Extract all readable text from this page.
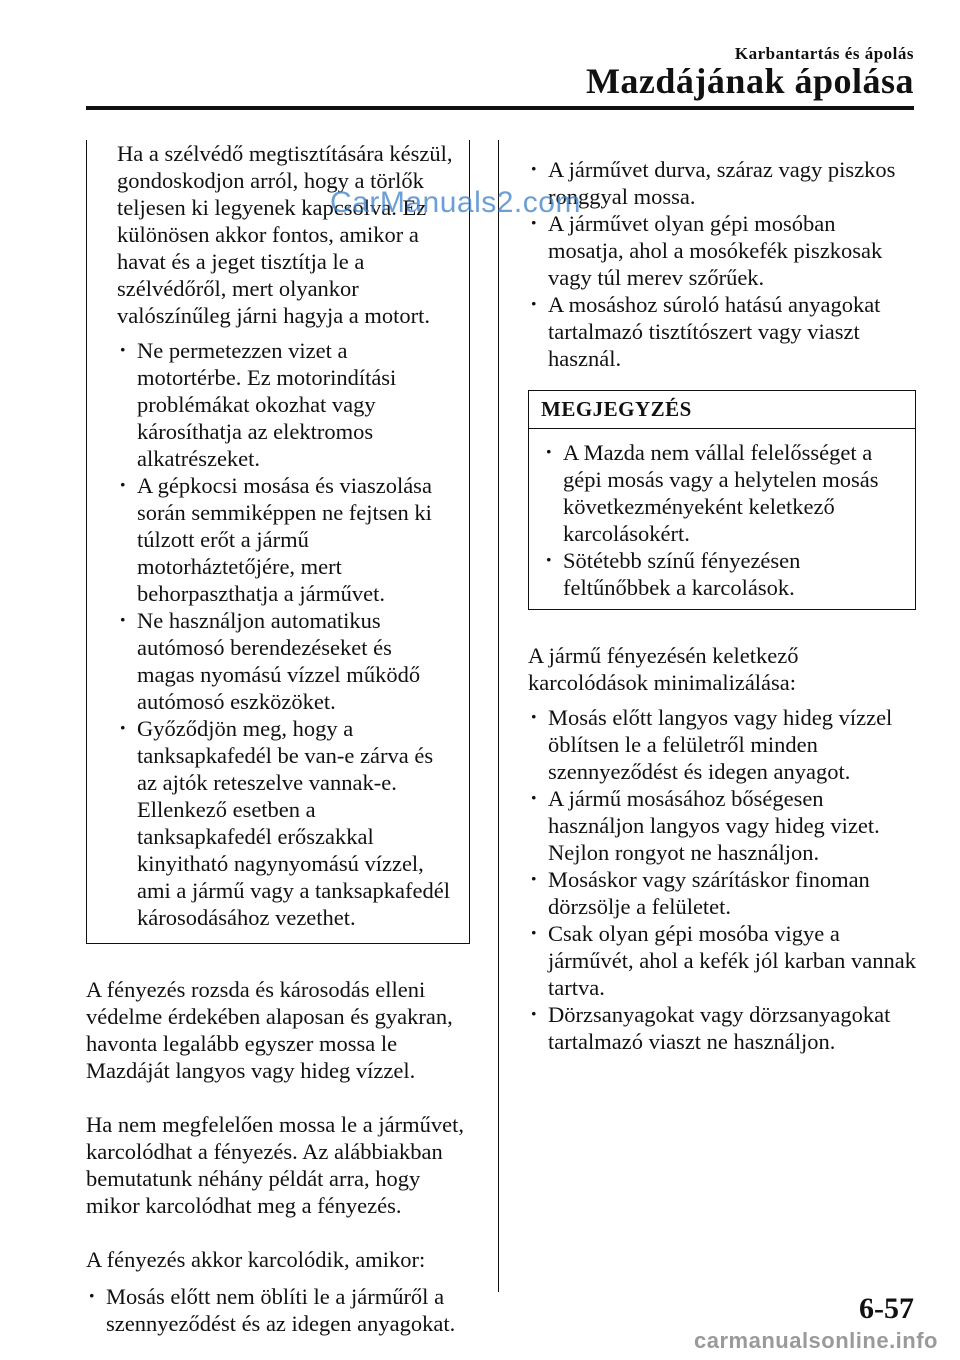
Karbantartás és ápolás
Mazdájának ápolása

Ha a szélvédő megtisztítására készül, gondoskodjon arról, hogy a törlők teljesen ki legyenek kapcsolva. Ez különösen akkor fontos, amikor a havat és a jeget tisztítja le a szélvédőről, mert olyankor valószínűleg járni hagyja a motort.

· Ne permetezzen vizet a motortérbe. Ez motorindítási problémákat okozhat vagy károsíthatja az elektromos alkatrészeket.
· A gépkocsi mosása és viaszolása során semmiképpen ne fejtsen ki túlzott erőt a jármű motorháztetőjére, mert behorpaszthatja a járművet.
· Ne használjon automatikus autómosó berendezéseket és magas nyomású vízzel működő autómosó eszközöket.
· Győződjön meg, hogy a tanksapkafedél be van-e zárva és az ajtók reteszelve vannak-e. Ellenkező esetben a tanksapkafedél erőszakkal kinyitható nagynyomású vízzel, ami a jármű vagy a tanksapkafedél károsodásához vezethet.

A fényezés rozsda és károsodás elleni védelme érdekében alaposan és gyakran, havonta legalább egyszer mossa le Mazdáját langyos vagy hideg vízzel.

Ha nem megfelelően mossa le a járművet, karcolódhat a fényezés. Az alábbiakban bemutatunk néhány példát arra, hogy mikor karcolódhat meg a fényezés.

A fényezés akkor karcolódik, amikor:

· Mosás előtt nem öblíti le a járműről a szennyeződést és az idegen anyagokat.
· A járművet durva, száraz vagy piszkos ronggyal mossa.
· A járművet olyan gépi mosóban mosatja, ahol a mosókefék piszkosak vagy túl merev szőrűek.
· A mosáshoz súroló hatású anyagokat tartalmazó tisztítószert vagy viaszt használ.
MEGJEGYZÉS
· A Mazda nem vállal felelősséget a gépi mosás vagy a helytelen mosás következményeként keletkező karcolásokért.
· Sötétebb színű fényezésen feltűnőbbek a karcolások.

A jármű fényezésén keletkező karcolódások minimalizálása:

· Mosás előtt langyos vagy hideg vízzel öblítsen le a felületről minden szennyeződést és idegen anyagot.
· A jármű mosásához bőségesen használjon langyos vagy hideg vizet. Nejlon rongyot ne használjon.
· Mosáskor vagy szárításkor finoman dörzsölje a felületet.
· Csak olyan gépi mosóba vigye a járművét, ahol a kefék jól karban vannak tartva.
· Dörzsanyagokat vagy dörzsanyagokat tartalmazó viaszt ne használjon.
CarManuals2.com
6-57
carmanualsonline.info
